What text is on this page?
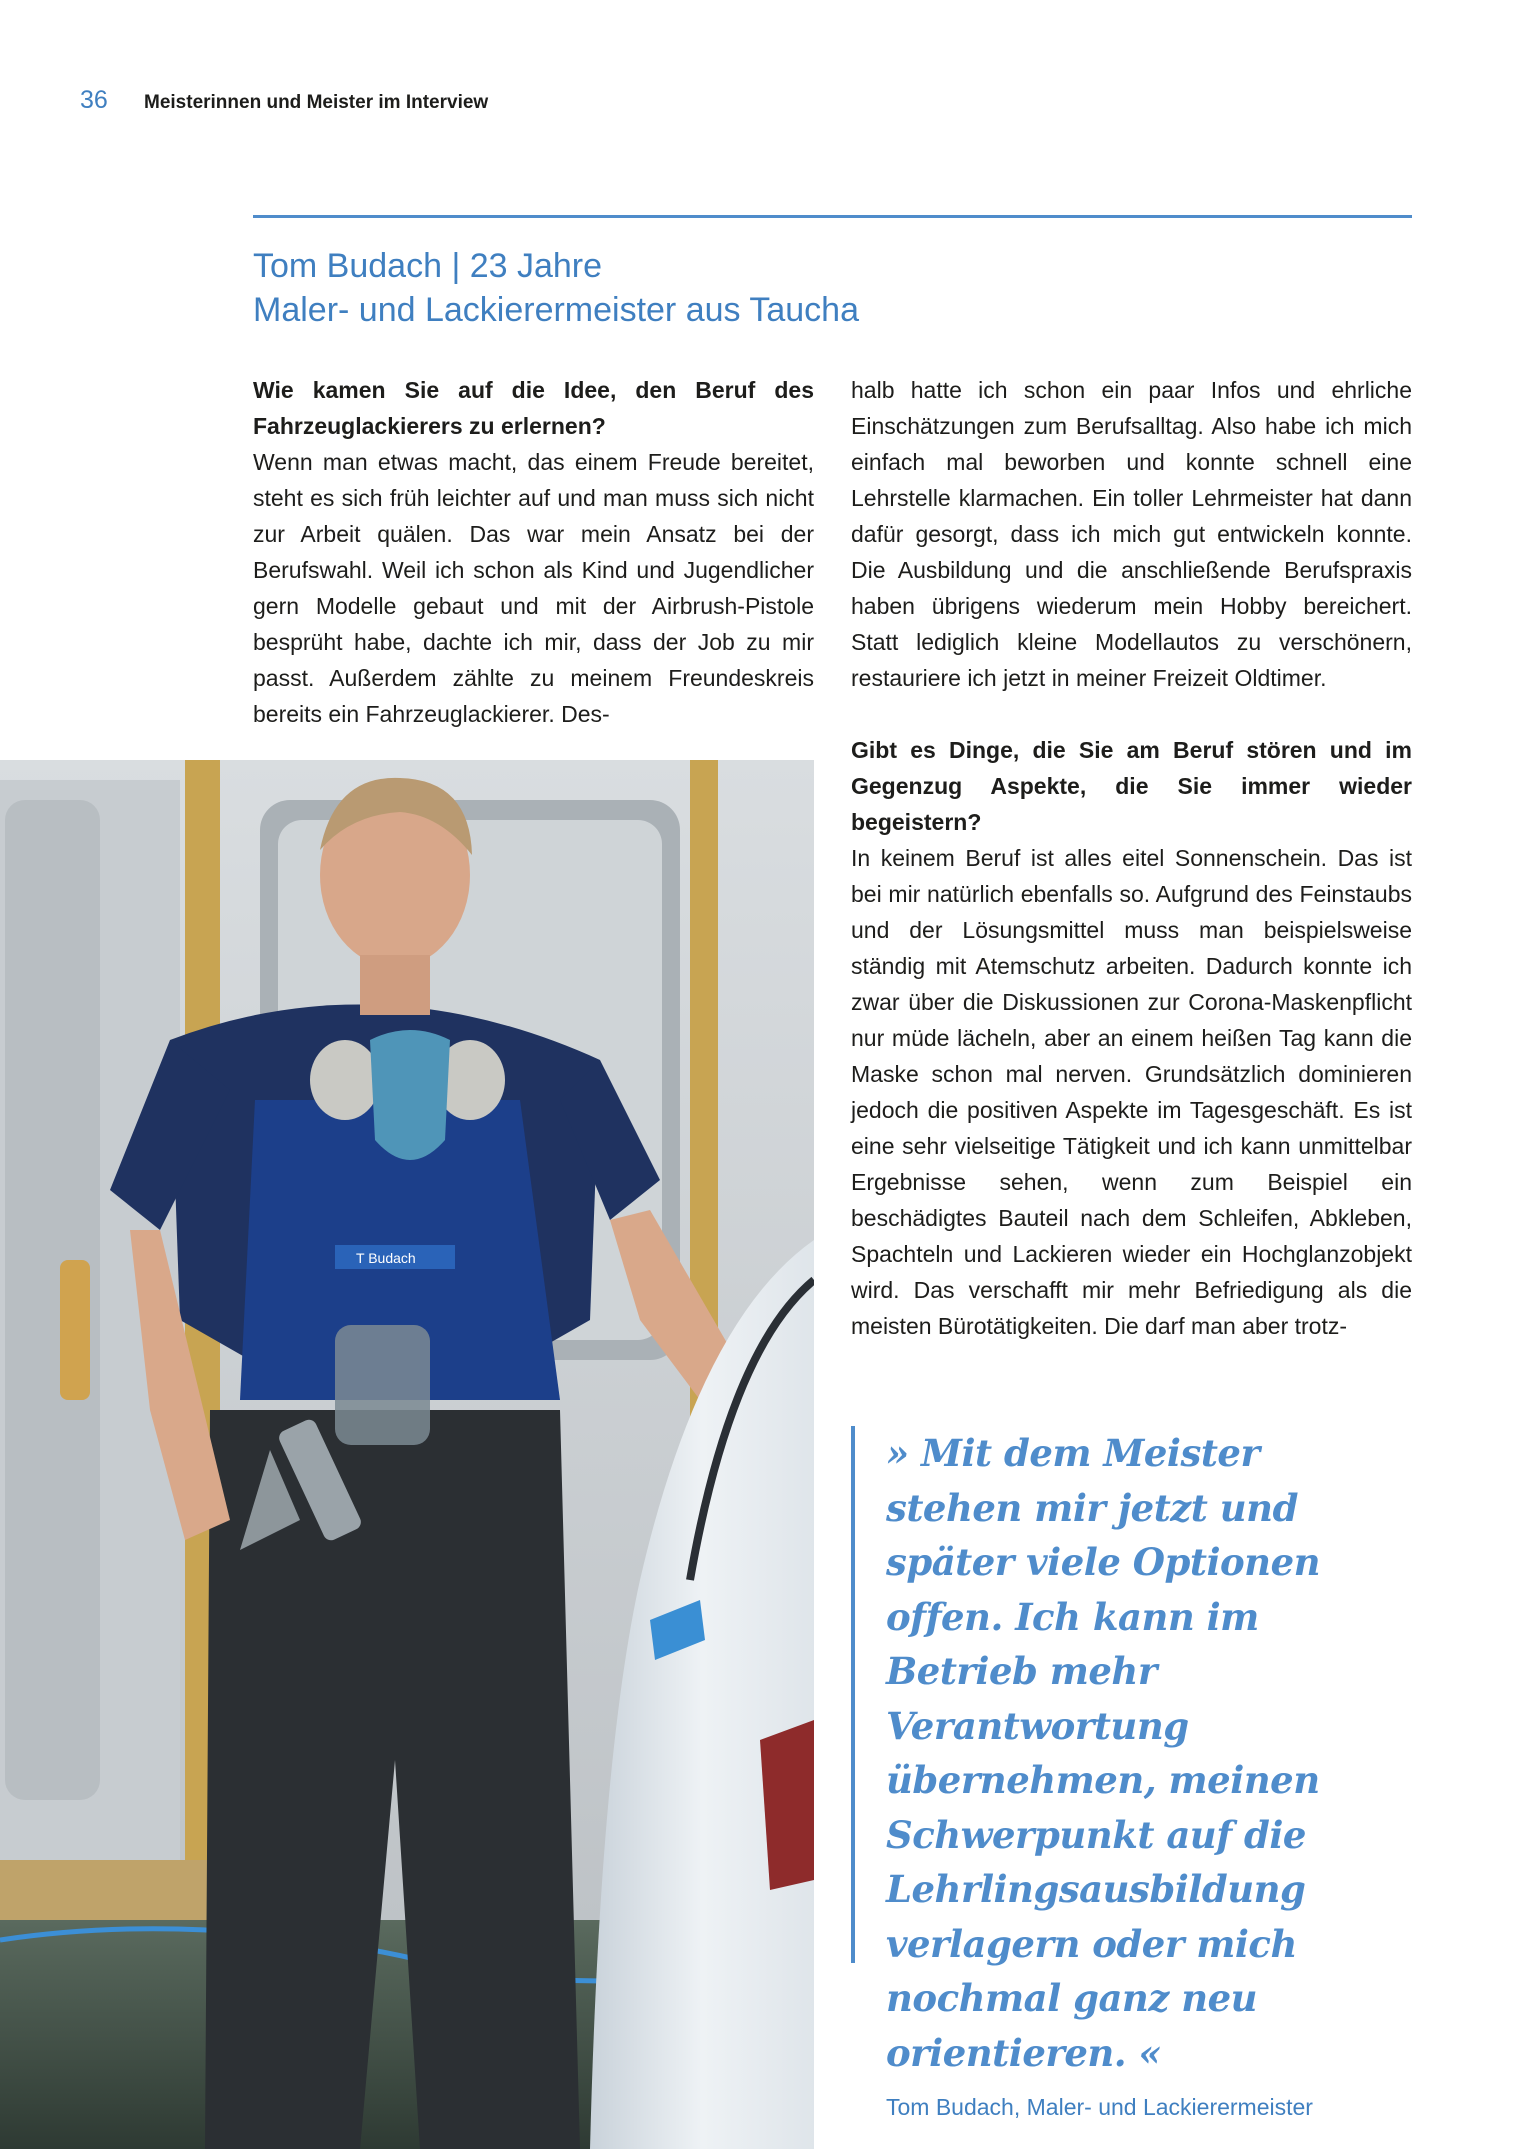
36	Meisterinnen und Meister im Interview
Tom Budach | 23 Jahre
Maler- und Lackierermeister aus Taucha

Wie kamen Sie auf die Idee, den Beruf des Fahrzeuglackierers zu erlernen?

Wenn man etwas macht, das einem Freude bereitet, steht es sich früh leichter auf und man muss sich nicht zur Arbeit quälen. Das war mein Ansatz bei der Berufswahl. Weil ich schon als Kind und Jugendlicher gern Modelle gebaut und mit der Airbrush-Pistole besprüht habe, dachte ich mir, dass der Job zu mir passt. Außerdem zählte zu meinem Freundeskreis bereits ein Fahrzeuglackierer. Des-

halb hatte ich schon ein paar Infos und ehrliche Einschätzungen zum Berufsalltag. Also habe ich mich einfach mal beworben und konnte schnell eine Lehrstelle klarmachen. Ein toller Lehrmeister hat dann dafür gesorgt, dass ich mich gut entwickeln konnte. Die Ausbildung und die anschließende Berufspraxis haben übrigens wiederum mein Hobby bereichert. Statt lediglich kleine Modellautos zu verschönern, restauriere ich jetzt in meiner Freizeit Oldtimer.

Gibt es Dinge, die Sie am Beruf stören und im Gegenzug Aspekte, die Sie immer wieder begeistern?

In keinem Beruf ist alles eitel Sonnenschein. Das ist bei mir natürlich ebenfalls so. Aufgrund des Feinstaubs und der Lösungsmittel muss man beispielsweise ständig mit Atemschutz arbeiten. Dadurch konnte ich zwar über die Diskussionen zur Corona-Maskenpflicht nur müde lächeln, aber an einem heißen Tag kann die Maske schon mal nerven. Grundsätzlich dominieren jedoch die positiven Aspekte im Tagesgeschäft. Es ist eine sehr vielseitige Tätigkeit und ich kann unmittelbar Ergebnisse sehen, wenn zum Beispiel ein beschädigtes Bauteil nach dem Schleifen, Abkleben, Spachteln und Lackieren wieder ein Hochglanzobjekt wird. Das verschafft mir mehr Befriedigung als die meisten Bürotätigkeiten. Die darf man aber trotz-

T Budach
» Mit dem Meister stehen mir jetzt und später viele Optionen offen. Ich kann im Betrieb mehr Verantwortung übernehmen, meinen Schwerpunkt auf die Lehrlingsausbildung verlagern oder mich nochmal ganz neu orientieren. «
Tom Budach, Maler- und Lackierermeister
